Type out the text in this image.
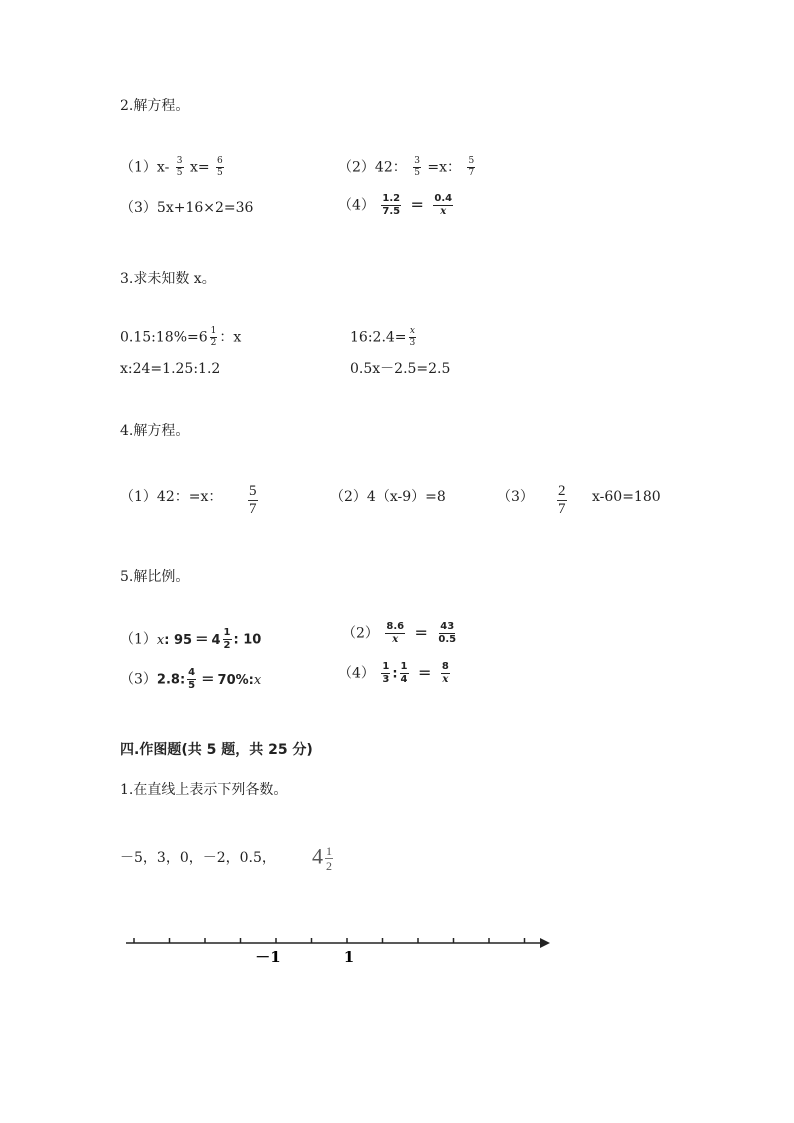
2.解方程。
$(1)x- \frac{3}{5} x= \frac{6}{5}$	（2）42： $\frac{3}{5} =x$： $\frac{5}{7}$
（3）5x+16×2=36	$(4) \frac{1.2}{7.5} = \frac{0.4}{x}$
3.求未知数 x。
0.15:18%=6 $\frac{1}{2}$ ：x	16:2.4= $\frac{x}{3}$
x:24=1.25:1.2	0.5x－2.5=2.5
4.解方程。
（1）42：=x： $\frac{5}{7}$	（2）4（x-9）=8	$(3) \frac{2}{7} x-60=180$
5.解比例。
（1）x: $95 = 4 \frac{1}{2}$ : 10	$(2) \frac{8.6}{x} = \frac{43}{0.5}$
（3）2.8: $\frac{4}{5}$ = 70%:x	$(4) \frac{1}{3}$ : $\frac{1}{4} = \frac{8}{x}$
四.作图题(共 5 题，共 25 分)
1.在直线上表示下列各数。
－5，3，0，－2，0.5， $4 \frac{1}{2}$
－1	1
